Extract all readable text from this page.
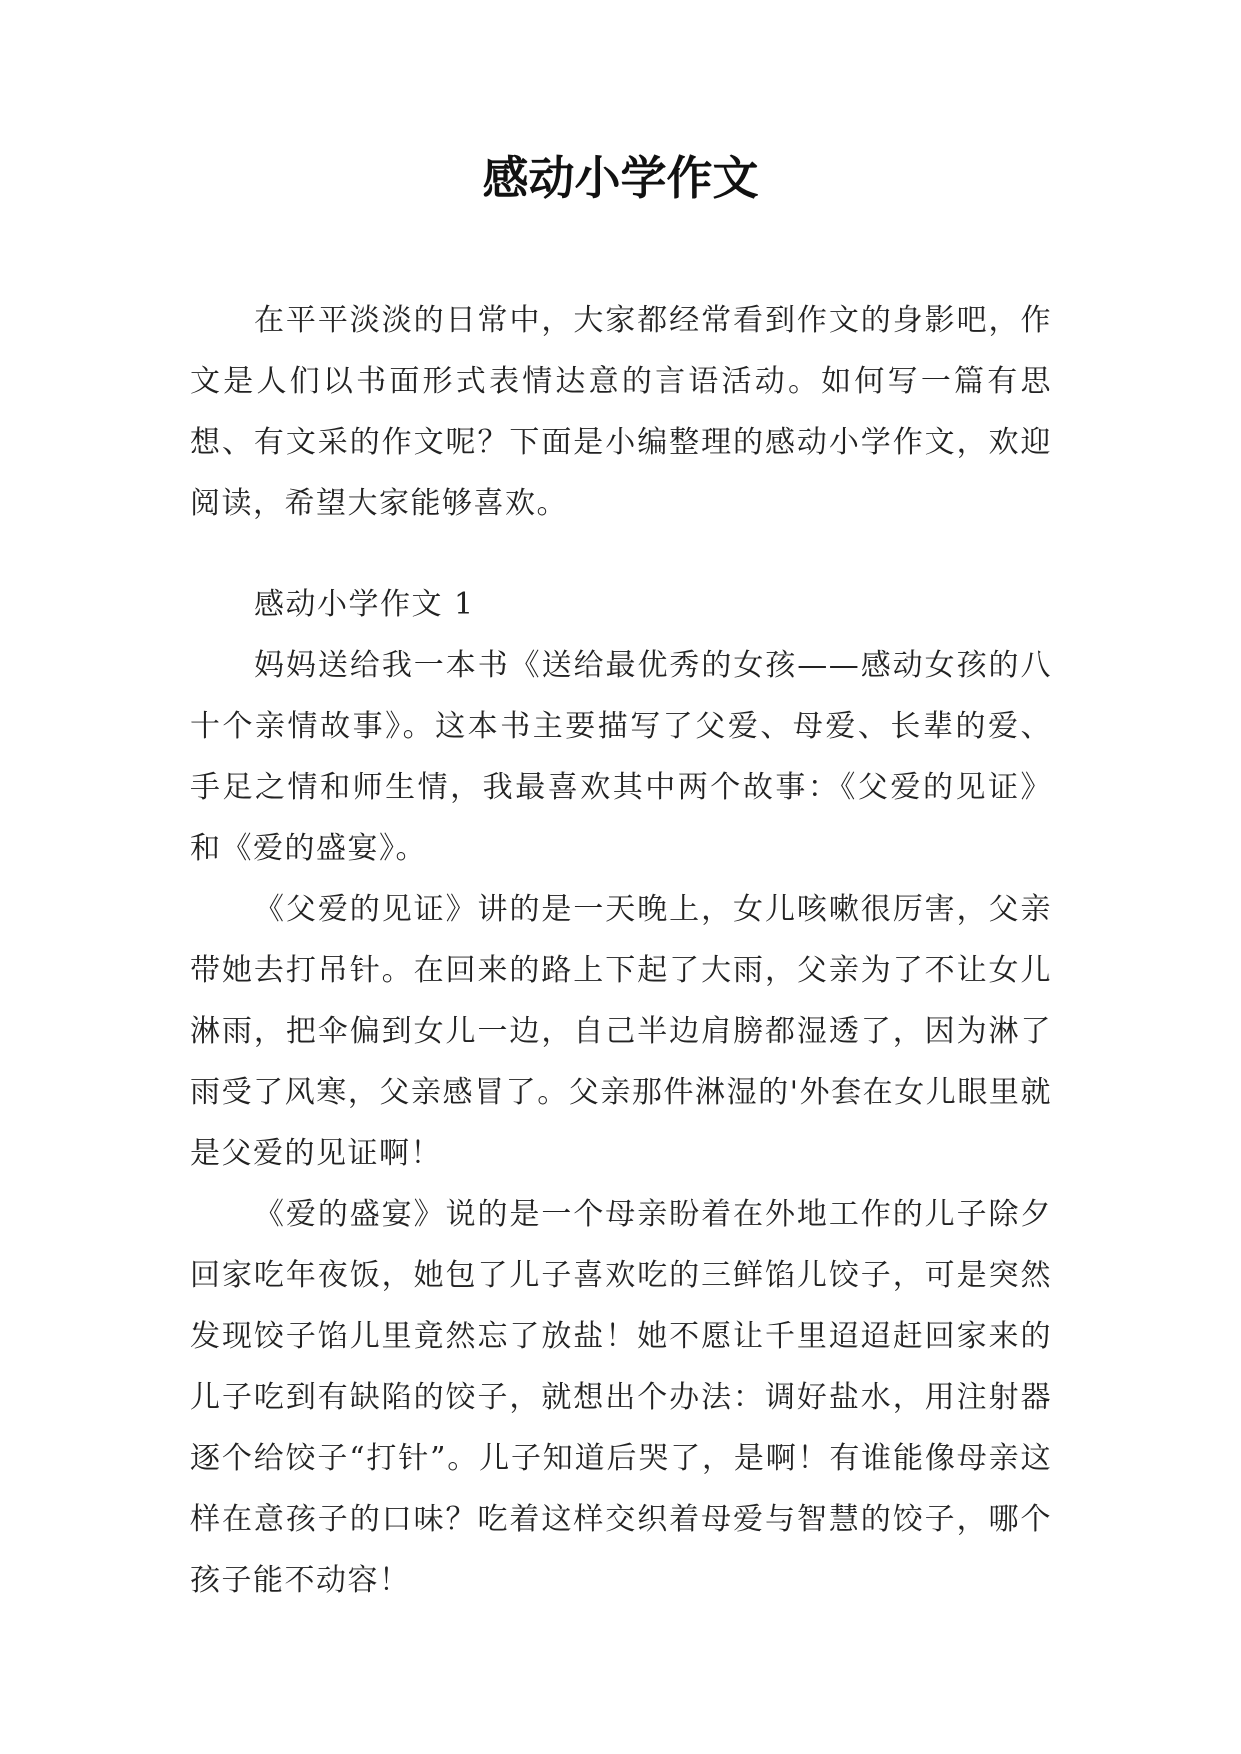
感动小学作文

在平平淡淡的日常中，大家都经常看到作文的身影吧，作文是人们以书面形式表情达意的言语活动。如何写一篇有思想、有文采的作文呢？下面是小编整理的感动小学作文，欢迎阅读，希望大家能够喜欢。

感动小学作文 1

妈妈送给我一本书《送给最优秀的女孩——感动女孩的八十个亲情故事》。这本书主要描写了父爱、母爱、长辈的爱、手足之情和师生情，我最喜欢其中两个故事：《父爱的见证》和《爱的盛宴》。

《父爱的见证》讲的是一天晚上，女儿咳嗽很厉害，父亲带她去打吊针。在回来的路上下起了大雨，父亲为了不让女儿淋雨，把伞偏到女儿一边，自己半边肩膀都湿透了，因为淋了雨受了风寒，父亲感冒了。父亲那件淋湿的'外套在女儿眼里就是父爱的见证啊！

《爱的盛宴》说的是一个母亲盼着在外地工作的儿子除夕回家吃年夜饭，她包了儿子喜欢吃的三鲜馅儿饺子，可是突然发现饺子馅儿里竟然忘了放盐！她不愿让千里迢迢赶回家来的儿子吃到有缺陷的饺子，就想出个办法：调好盐水，用注射器逐个给饺子“打针”。儿子知道后哭了，是啊！有谁能像母亲这样在意孩子的口味？吃着这样交织着母爱与智慧的饺子，哪个孩子能不动容！
